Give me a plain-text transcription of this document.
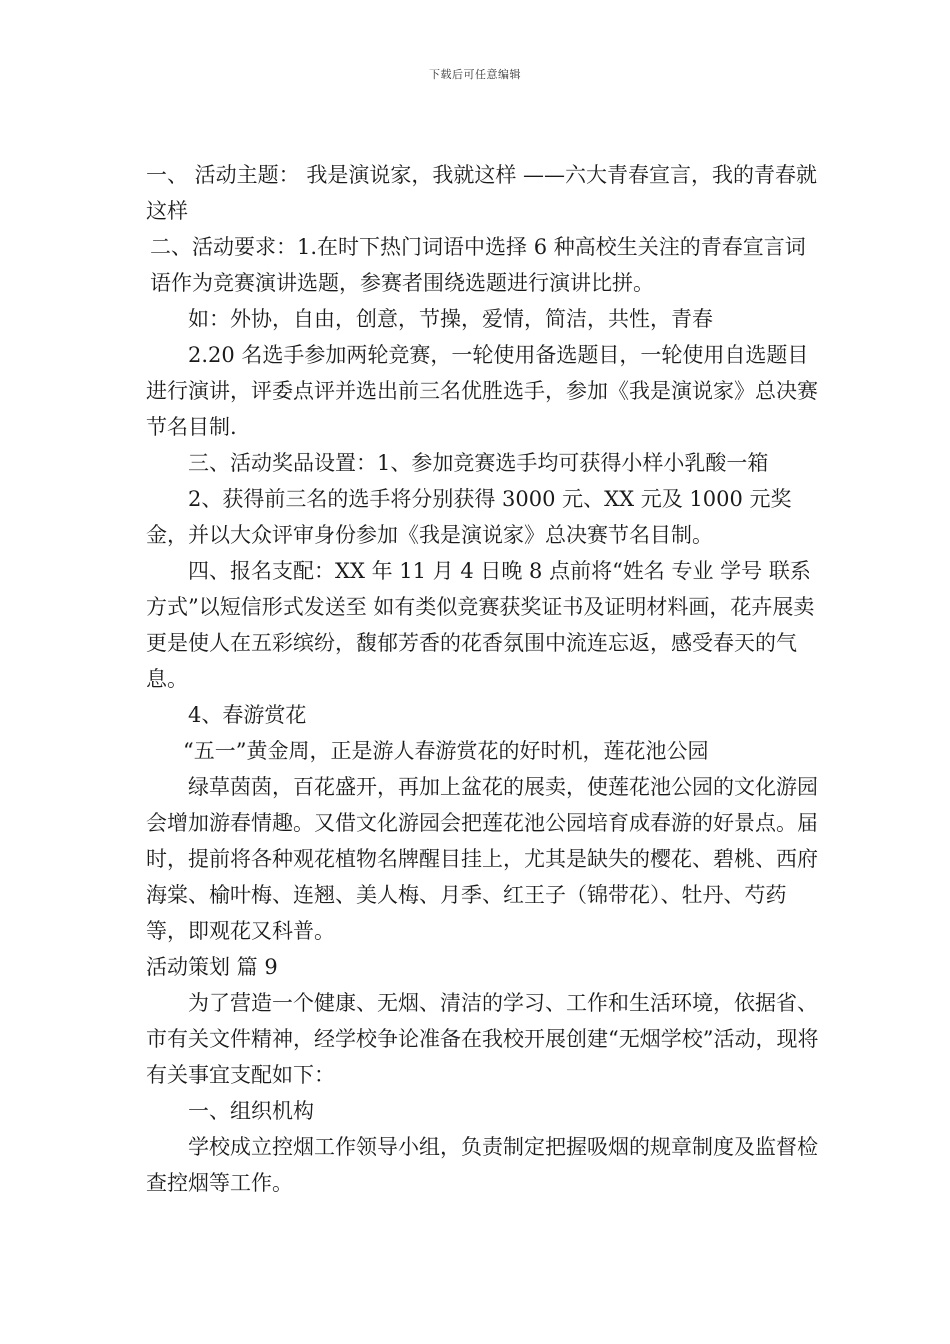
下载后可任意编辑

一、 活动主题： 我是演说家，我就这样 ——六大青春宣言，我的青春就这样

二、活动要求：1.在时下热门词语中选择 6 种高校生关注的青春宣言词语作为竞赛演讲选题，参赛者围绕选题进行演讲比拼。

如：外协，自由，创意，节操，爱情，简洁，共性，青春

2.20 名选手参加两轮竞赛，一轮使用备选题目，一轮使用自选题目进行演讲，评委点评并选出前三名优胜选手，参加《我是演说家》总决赛节名目制.

三、活动奖品设置：1、参加竞赛选手均可获得小样小乳酸一箱

2、获得前三名的选手将分别获得 3000 元、XX 元及 1000 元奖金，并以大众评审身份参加《我是演说家》总决赛节名目制。

四、报名支配：XX 年 11 月 4 日晚 8 点前将“姓名 专业 学号 联系方式”以短信形式发送至 如有类似竞赛获奖证书及证明材料画，花卉展卖更是使人在五彩缤纷，馥郁芳香的花香氛围中流连忘返，感受春天的气息。

4、春游赏花

“五一”黄金周，正是游人春游赏花的好时机，莲花池公园

绿草茵茵，百花盛开，再加上盆花的展卖，使莲花池公园的文化游园会增加游春情趣。又借文化游园会把莲花池公园培育成春游的好景点。届时，提前将各种观花植物名牌醒目挂上，尤其是缺失的樱花、碧桃、西府海棠、榆叶梅、连翘、美人梅、月季、红王子（锦带花）、牡丹、芍药等，即观花又科普。

活动策划 篇 9

为了营造一个健康、无烟、清洁的学习、工作和生活环境，依据省、市有关文件精神，经学校争论准备在我校开展创建“无烟学校”活动，现将有关事宜支配如下：

一、组织机构

学校成立控烟工作领导小组，负责制定把握吸烟的规章制度及监督检查控烟等工作。
